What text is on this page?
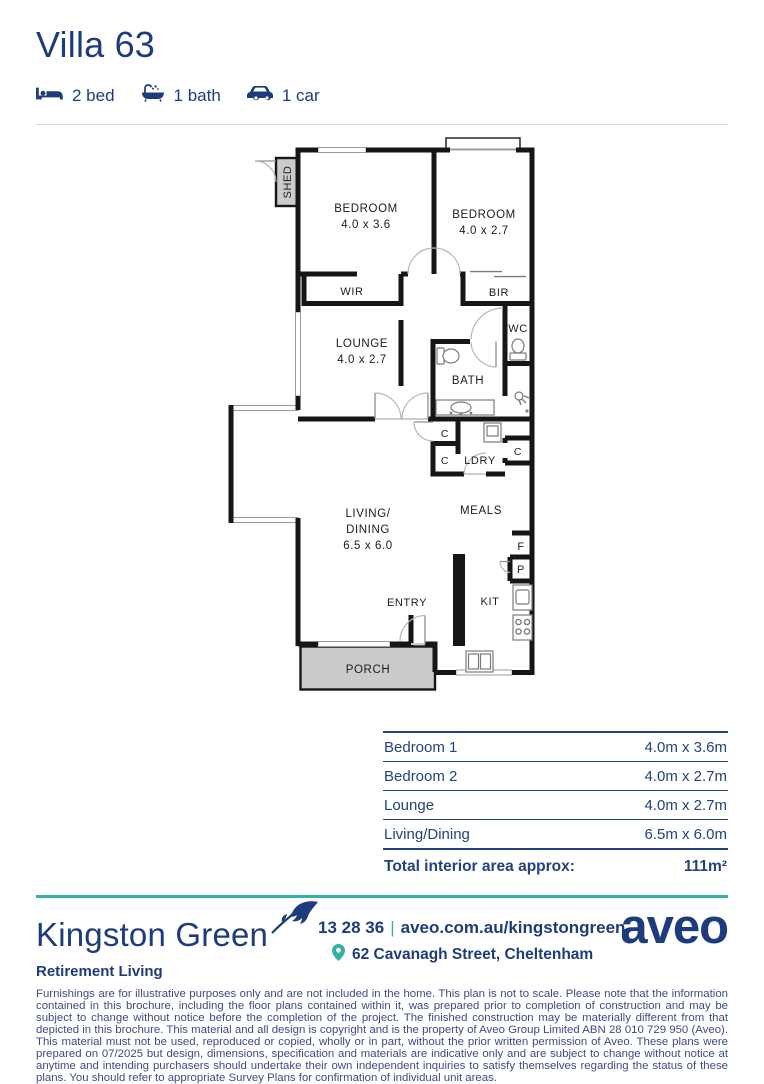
Villa 63
2 bed	1 bath	1 car
SHED
BEDROOM
4.0 x 3.6
BEDROOM
4.0 x 2.7
WIR	BIR
WC
LOUNGE
4.0 x 2.7
BATH
C
C LDRY
C
LIVING/
DINING
6.5 x 6.0
MEALS
F
P
ENTRY	KIT
PORCH
Bedroom 1	4.0m x 3.6m
Bedroom 2	4.0m x 2.7m
Lounge	4.0m x 2.7m
Living/Dining	6.5m x 6.0m
Total interior area approx:	111m²
Kingston Green
Retirement Living
13 28 36 | aveo.com.au/kingstongreen
62 Cavanagh Street, Cheltenham
aveo
Furnishings are for illustrative purposes only and are not included in the home. This plan is not to scale. Please note that the information contained in this brochure, including the floor plans contained within it, was prepared prior to completion of construction and may be subject to change without notice before the completion of the project. The finished construction may be materially different from that depicted in this brochure. This material and all design is copyright and is the property of Aveo Group Limited ABN 28 010 729 950 (Aveo). This material must not be used, reproduced or copied, wholly or in part, without the prior written permission of Aveo. These plans were prepared on 07/2025 but design, dimensions, specification and materials are indicative only and are subject to change without notice at anytime and intending purchasers should undertake their own independent inquiries to satisfy themselves regarding the status of these plans. You should refer to appropriate Survey Plans for confirmation of individual unit areas.
